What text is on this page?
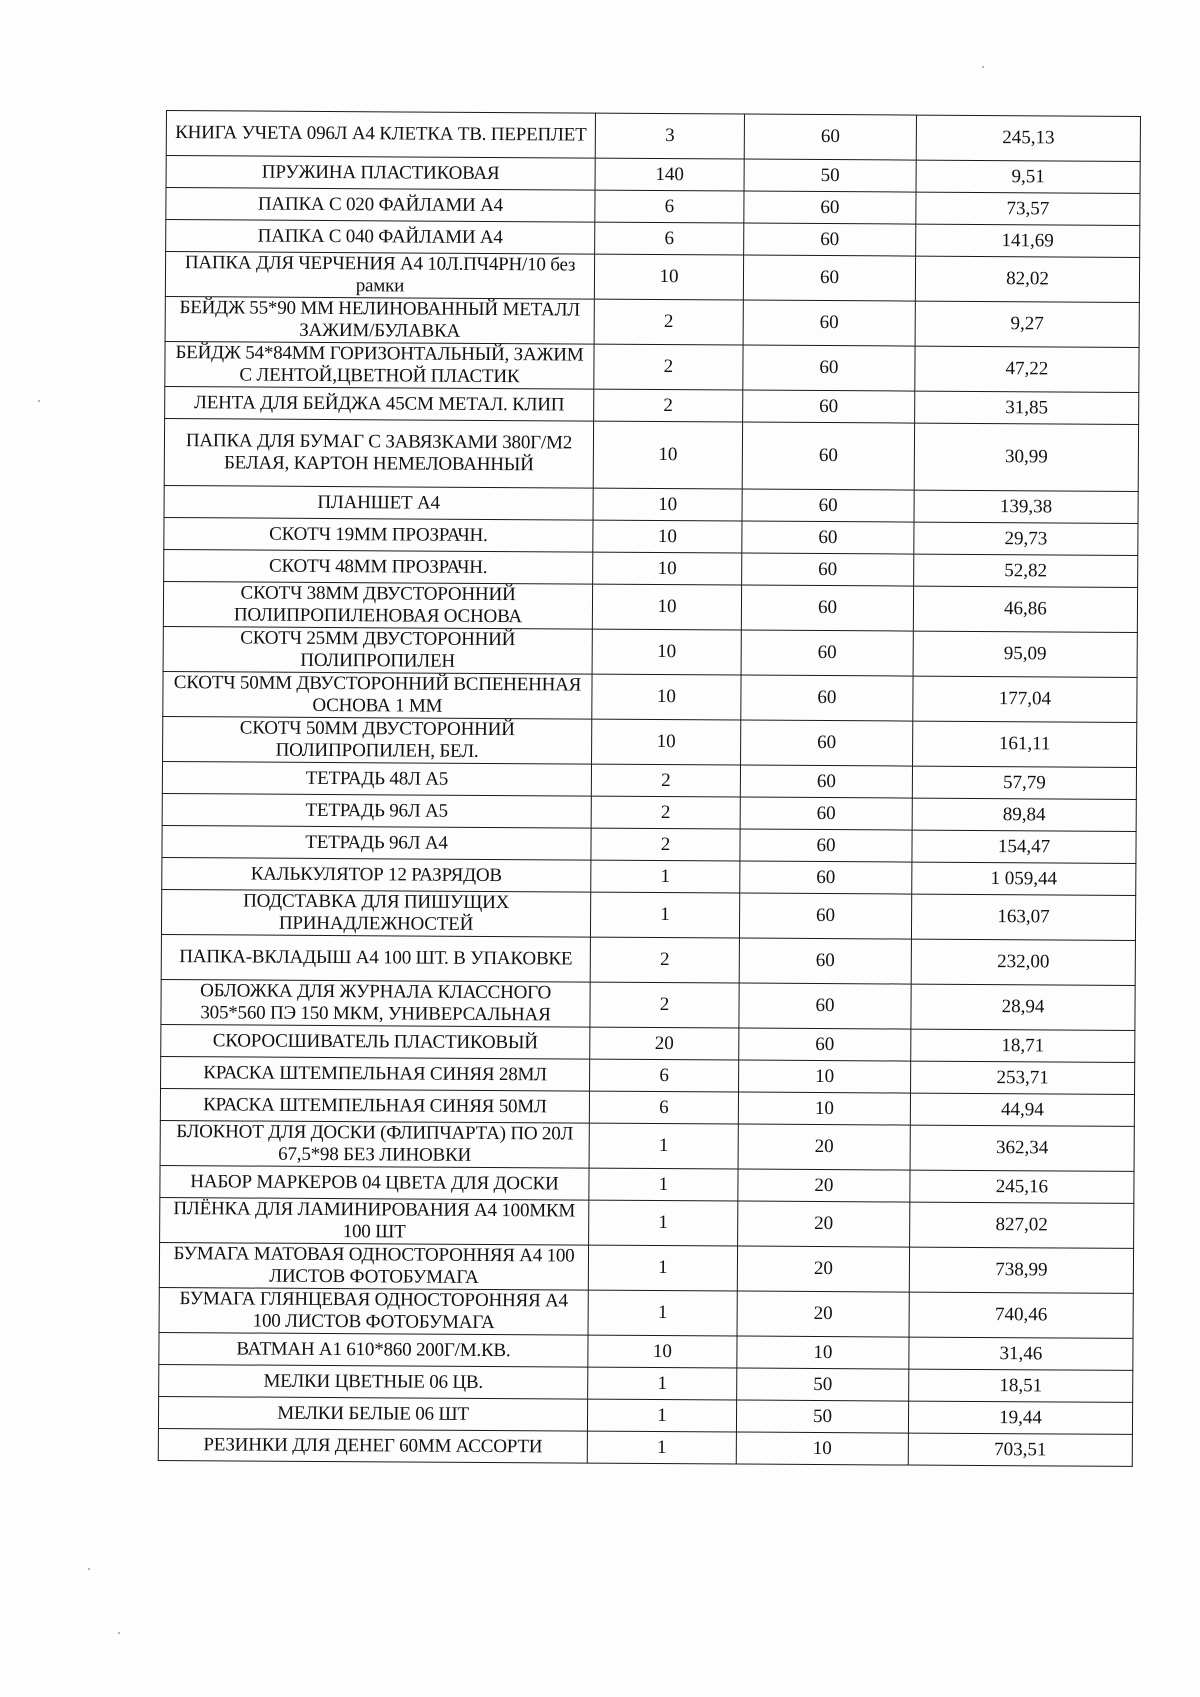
КНИГА УЧЕТА 096Л А4 КЛЕТКА ТВ. ПЕРЕПЛЕТ	3	60	245,13
ПРУЖИНА ПЛАСТИКОВАЯ	140	50	9,51
ПАПКА С 020 ФАЙЛАМИ А4	6	60	73,57
ПАПКА С 040 ФАЙЛАМИ А4	6	60	141,69
ПАПКА ДЛЯ ЧЕРЧЕНИЯ А4 10Л.ПЧ4РН/10 без рамки	10	60	82,02
БЕЙДЖ 55*90 ММ НЕЛИНОВАННЫЙ МЕТАЛЛ ЗАЖИМ/БУЛАВКА	2	60	9,27
БЕЙДЖ 54*84ММ ГОРИЗОНТАЛЬНЫЙ, ЗАЖИМ С ЛЕНТОЙ,ЦВЕТНОЙ ПЛАСТИК	2	60	47,22
ЛЕНТА ДЛЯ БЕЙДЖА 45СМ МЕТАЛ. КЛИП	2	60	31,85
ПАПКА ДЛЯ БУМАГ С ЗАВЯЗКАМИ 380Г/М2 БЕЛАЯ, КАРТОН НЕМЕЛОВАННЫЙ	10	60	30,99
ПЛАНШЕТ А4	10	60	139,38
СКОТЧ 19ММ ПРОЗРАЧН.	10	60	29,73
СКОТЧ 48ММ ПРОЗРАЧН.	10	60	52,82
СКОТЧ 38ММ ДВУСТОРОННИЙ ПОЛИПРОПИЛЕНОВАЯ ОСНОВА	10	60	46,86
СКОТЧ 25ММ ДВУСТОРОННИЙ ПОЛИПРОПИЛЕН	10	60	95,09
СКОТЧ 50ММ ДВУСТОРОННИЙ ВСПЕНЕННАЯ ОСНОВА 1 ММ	10	60	177,04
СКОТЧ 50ММ ДВУСТОРОННИЙ ПОЛИПРОПИЛЕН, БЕЛ.	10	60	161,11
ТЕТРАДЬ 48Л А5	2	60	57,79
ТЕТРАДЬ 96Л А5	2	60	89,84
ТЕТРАДЬ 96Л А4	2	60	154,47
КАЛЬКУЛЯТОР 12 РАЗРЯДОВ	1	60	1 059,44
ПОДСТАВКА ДЛЯ ПИШУЩИХ ПРИНАДЛЕЖНОСТЕЙ	1	60	163,07
ПАПКА-ВКЛАДЫШ А4 100 ШТ. В УПАКОВКЕ	2	60	232,00
ОБЛОЖКА ДЛЯ ЖУРНАЛА КЛАССНОГО 305*560 ПЭ 150 МКМ, УНИВЕРСАЛЬНАЯ	2	60	28,94
СКОРОСШИВАТЕЛЬ ПЛАСТИКОВЫЙ	20	60	18,71
КРАСКА ШТЕМПЕЛЬНАЯ СИНЯЯ 28МЛ	6	10	253,71
КРАСКА ШТЕМПЕЛЬНАЯ СИНЯЯ 50МЛ	6	10	44,94
БЛОКНОТ ДЛЯ ДОСКИ (ФЛИПЧАРТА) ПО 20Л 67,5*98 БЕЗ ЛИНОВКИ	1	20	362,34
НАБОР МАРКЕРОВ 04 ЦВЕТА ДЛЯ ДОСКИ	1	20	245,16
ПЛЁНКА ДЛЯ ЛАМИНИРОВАНИЯ А4 100МКМ 100 ШТ	1	20	827,02
БУМАГА МАТОВАЯ ОДНОСТОРОННЯЯ А4 100 ЛИСТОВ ФОТОБУМАГА	1	20	738,99
БУМАГА ГЛЯНЦЕВАЯ ОДНОСТОРОННЯЯ А4 100 ЛИСТОВ ФОТОБУМАГА	1	20	740,46
ВАТМАН А1 610*860 200Г/М.КВ.	10	10	31,46
МЕЛКИ ЦВЕТНЫЕ 06 ЦВ.	1	50	18,51
МЕЛКИ БЕЛЫЕ 06 ШТ	1	50	19,44
РЕЗИНКИ ДЛЯ ДЕНЕГ 60ММ АССОРТИ	1	10	703,51
